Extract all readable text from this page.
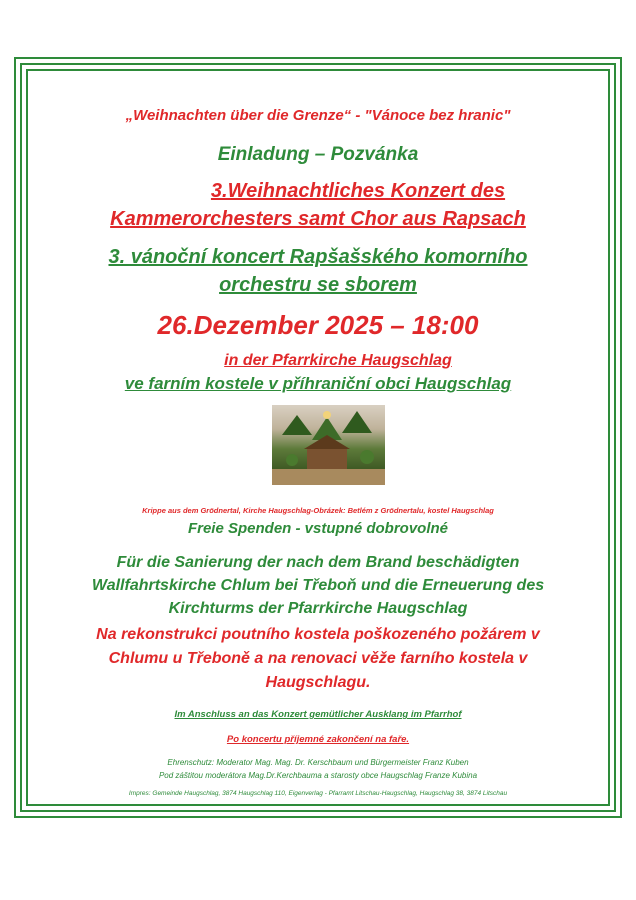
„Weihnachten über die Grenze“ - "Vánoce bez hranic"
Einladung – Pozvánka
3.Weihnachtliches Konzert des
Kammerorchesters samt Chor aus Rapsach
3. vánoční koncert Rapšašského komorního
orchestru se sborem
26.Dezember 2025 – 18:00
in der Pfarrkirche Haugschlag
ve farním kostele v příhraniční obci Haugschlag
Krippe aus dem Grödnertal, Kirche Haugschlag-Obrázek: Betlém z Grödnertalu, kostel Haugschlag
Freie Spenden - vstupné dobrovolné
Für die Sanierung der nach dem Brand beschädigten
Wallfahrtskirche Chlum bei Třeboň und die Erneuerung des
Kirchturms der Pfarrkirche Haugschlag
Na rekonstrukci poutního kostela poškozeného požárem v
Chlumu u Třeboně a na renovaci věže farního kostela v
Haugschlagu.
Im Anschluss an das Konzert gemütlicher Ausklang im Pfarrhof
Po koncertu příjemné zakončení na faře.
Ehrenschutz: Moderator Mag. Mag. Dr. Kerschbaum und Bürgermeister Franz Kuben
Pod záštitou moderátora Mag.Dr.Kerchbauma a starosty obce Haugschlag Franze Kubina
Impres: Gemeinde Haugschlag, 3874 Haugschlag 110, Eigenverlag - Pfarramt Litschau-Haugschlag, Haugschlag 38, 3874 Litschau
